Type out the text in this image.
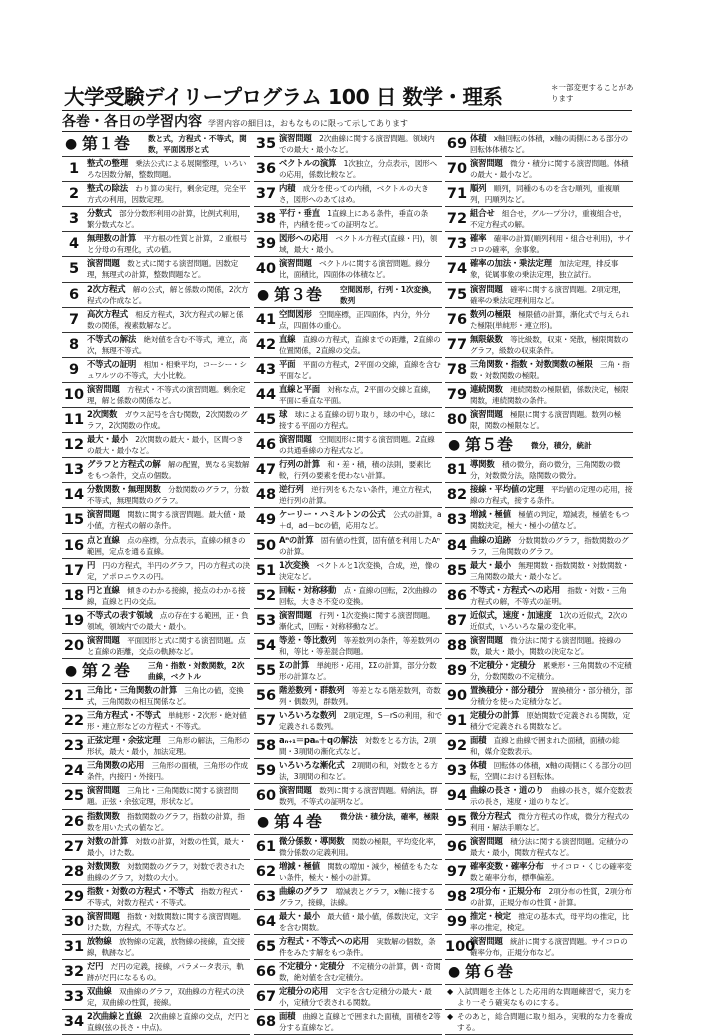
大学受験デイリープログラム 100 日 数学・理系	＊一部変更することがあります
各巻・各日の学習内容 学習内容の細目は，おもなものに限って示してあります
● 第１巻 数と式，方程式・不等式，関数，平面図形と式
1 整式の整理　 乗法公式による展開整理，いろいろな因数分解，整数問題。
2 整式の除法　 わり算の実行，剰余定理，完全平方式の利用，因数定理。
3 分数式　 部分分数形利用の計算，比例式利用，繁分数式など。
4 無理数の計算　 平方根の性質と計算，２重根号と分母の有理化，式の値。
5 演習問題　 数と式に関する演習問題。因数定理，無理式の計算，整数問題など。
6 2次方程式　 解の公式，解と係数の関係，2次方程式の作成など。
7 高次方程式　 相反方程式，3次方程式の解と係数の関係，複素数解など。
8 不等式の解法　 絶対値を含む不等式，連立，高次，無理不等式。
9 不等式の証明　 相加・相乗平均，コーシー・シュワルツの不等式，大小比較。
10 演習問題　 方程式・不等式の演習問題。剰余定理，解と係数の関係など。
11 2次関数　 ガウス記号を含む関数，2次関数のグラフ，2次関数の作成。
12 最大・最小　 2次関数の最大・最小，区間つきの最大・最小など。
13 グラフと方程式の解　 解の配置，異なる実数解をもつ条件，交点の個数。
14 分数関数・無理関数　 分数関数のグラフ，分数不等式，無理関数のグラフ。
15 演習問題　 関数に関する演習問題。最大値・最小値，方程式の解の条件。
16 点と直線　 点の座標，分点表示，直線の傾きの範囲，定点を通る直線。
17 円　 円の方程式，半円のグラフ，円の方程式の決定，アポロニウスの円。
18 円と直線　 傾きのわかる接線，接点のわかる接線，直線と円の交点。
19 不等式の表す領域　 点の存在する範囲，正・負領域，領域内での最大・最小。
20 演習問題　 平面図形と式に関する演習問題。点と直線の距離，交点の軌跡など。
● 第２巻 三角・指数・対数関数，2次曲線，ベクトル
21 三角比・三角関数の計算　 三角比の値，変換式，三角関数の相互関係など。
22 三角方程式・不等式　 単純形・2次形・絶対値形・連立形などの方程式・不等式。
23 正弦定理・余弦定理　 三角形の解法，三角形の形状，最大・最小，加法定理。
24 三角関数の応用　 三角形の面積，三角形の作成条件，内接円・外接円。
25 演習問題　 三角比・三角関数に関する演習問題。正弦・余弦定理，形状など。
26 指数関数　 指数関数のグラフ，指数の計算，指数を用いた式の値など。
27 対数の計算　 対数の計算，対数の性質，最大・最小，けた数。
28 対数関数　 対数関数のグラフ，対数で表された曲線のグラフ，対数の大小。
29 指数・対数の方程式・不等式　 指数方程式・不等式，対数方程式・不等式。
30 演習問題　 指数・対数関数に関する演習問題。けた数，方程式，不等式など。
31 放物線　 放物線の定義，放物線の接線，直交接線，軌跡など。
32 だ円　 だ円の定義，接線，パラメータ表示，軌跡がだ円になるもの。
33 双曲線　 双曲線のグラフ，双曲線の方程式の決定，双曲線の性質，接線。
34 2次曲線と直線　 2次曲線と直線の交点，だ円と直線(弦の長さ・中点)。
35 演習問題　 2次曲線に関する演習問題。領域内での最大・最小など。
36 ベクトルの演算　 1次独立，分点表示，図形への応用，係数比較など。
37 内積　 成分を使っての内積，ベクトルの大きさ，図形へのあてはめ。
38 平行・垂直　 1直線上にある条件，垂直の条件，内積を使っての証明など。
39 図形への応用　 ベクトル方程式(直線・円)，領域，最大・最小。
40 演習問題　 ベクトルに関する演習問題。線分比，面積比，四面体の体積など。
● 第３巻 空間図形，行列・1次変換，数列
41 空間図形　 空間座標，正四面体，内分，外分点，四面体の重心。
42 直線　 直線の方程式，直線までの距離，2直線の位置関係，2直線の交点。
43 平面　 平面の方程式，2平面の交線，直線を含む平面など。
44 直線と平面　 対称な点，2平面の交線と直線，平面に垂直な平面。
45 球　 球による直線の切り取り，球の中心，球に接する平面の方程式。
46 演習問題　 空間図形に関する演習問題。2直線の共通垂線の方程式など。
47 行列の計算　 和・差・積，積の法則，要素比較，行列の要素を使わない計算。
48 逆行列　 逆行列をもたない条件，連立方程式，逆行列の計算。
49 ケーリー・ハミルトンの公式　 公式の計算，a＋d，ad－bcの値，応用など。
50 Aⁿの計算　 固有値の性質，固有値を利用したAⁿの計算。
51 1次変換　 ベクトルと1次変換，合成，逆，像の決定など。
52 回転・対称移動　 点・直線の回転，2次曲線の回転，大きさ不変の変換。
53 演習問題　 行列・1次変換に関する演習問題。漸化式，回転・対称移動など。
54 等差・等比数列　 等差数列の条件，等差数列の和，等比・等差混合問題。
55 Σの計算　 単純形・応用，ΣΣの計算，部分分数形の計算など。
56 階差数列・群数列　 等差となる階差数列，奇数列・偶数列，群数列。
57 いろいろな数列　 2項定理，S－rSの利用，和で定義される数列。
58 aₙ₊₁＝paₙ＋qの解法　 対数をとる方法，2項間・3項間の漸化式など。
59 いろいろな漸化式　 2項間の和，対数をとる方法，3項間の和など。
60 演習問題　 数列に関する演習問題。帰納法，群数列，不等式の証明など。
● 第４巻 微分法・積分法，確率，極限
61 微分係数・導関数　 関数の極限，平均変化率，微分係数の定義利用。
62 増減・極値　 関数の増加・減少，極値をもたない条件，極大・極小の計算。
63 曲線のグラフ　 増減表とグラフ，x軸に接するグラフ，接線，法線。
64 最大・最小　 最大値・最小値，係数決定，文字を含む関数。
65 方程式・不等式への応用　 実数解の個数，条件をみたす解をもつ条件。
66 不定積分・定積分　 不定積分の計算，偶・奇関数，絶対値を含む定積分。
67 定積分の応用　 文字を含む定積分の最大・最小，定積分で表される関数。
68 面積　 曲線と直線とで囲まれた面積，面積を2等分する直線など。
69 体積　 x軸回転の体積，x軸の両側にある部分の回転体体積など。
70 演習問題　 微分・積分に関する演習問題。体積の最大・最小など。
71 順列　 順列，同種のものを含む順列，重複順列，円順列など。
72 組合せ　 組合せ，グループ分け，重複組合せ，不定方程式の解。
73 確率　 確率の計算(順列利用・組合せ利用)，サイコロの確率，余事象。
74 確率の加法・乗法定理　 加法定理，排反事象，従属事象の乗法定理，独立試行。
75 演習問題　 確率に関する演習問題。2項定理，確率の乗法定理利用など。
76 数列の極限　 極限値の計算，漸化式で与えられた極限(単純形・連立形)。
77 無限級数　 等比級数，収束・発散，極限関数のグラフ，級数の収束条件。
78 三角関数・指数・対数関数の極限　 三角・指数・対数関数の極限。
79 連続関数　 連続関数の極限値，係数決定，極限関数，連続関数の条件。
80 演習問題　 極限に関する演習問題。数列の極限，関数の極限など。
● 第５巻 微分，積分，統計
81 導関数　 積の微分，商の微分，三角関数の微分，対数微分法，陰関数の微分。
82 接線・平均値の定理　 平均値の定理の応用，接線の方程式，接する条件。
83 増減・極値　 極値の判定，増減表，極値をもつ関数決定，極大・極小の値など。
84 曲線の追跡　 分数関数のグラフ，指数関数のグラフ，三角関数のグラフ。
85 最大・最小　 無理関数・指数関数・対数関数・三角関数の最大・最小など。
86 不等式・方程式への応用　 指数・対数・三角方程式の解，不等式の証明。
87 近似式，速度・加速度　 1次の近似式，2次の近似式，いろいろな量の変化率。
88 演習問題　 微分法に関する演習問題。接線の数，最大・最小，関数の決定など。
89 不定積分・定積分　 累乗形・三角関数の不定積分，分数関数の不定積分。
90 置換積分・部分積分　 置換積分・部分積分，部分積分を使った定積分など。
91 定積分の計算　 原始関数で定義される関数，定積分で定義される関数など。
92 面積　 直線と曲線で囲まれた面積，面積の総和，媒介変数表示。
93 体積　 回転体の体積，x軸の両側にくる部分の回転，空間における回転体。
94 曲線の長さ・道のり　 曲線の長さ，媒介変数表示の長さ，速度・道のりなど。
95 微分方程式　 微分方程式の作成，微分方程式の利用・解法手順など。
96 演習問題　 積分法に関する演習問題。定積分の最大・最小，関数方程式など。
97 確率変数・確率分布　 サイコロ・くじの確率変数と確率分布，標準偏差。
98 2項分布・正規分布　 2項分布の性質，2項分布の計算，正規分布の性質・計算。
99 推定・検定　 推定の基本式，母平均の推定，比率の推定，検定。
100
演習問題　 統計に関する演習問題。サイコロの確率分布，正規分布など。
● 第６巻
◆ 入試問題を主体とした応用的な問題練習で，実力をより一そう確実なものにする。
◆ そのあと，総合問題に取り組み，実戦的な力を養成する。
